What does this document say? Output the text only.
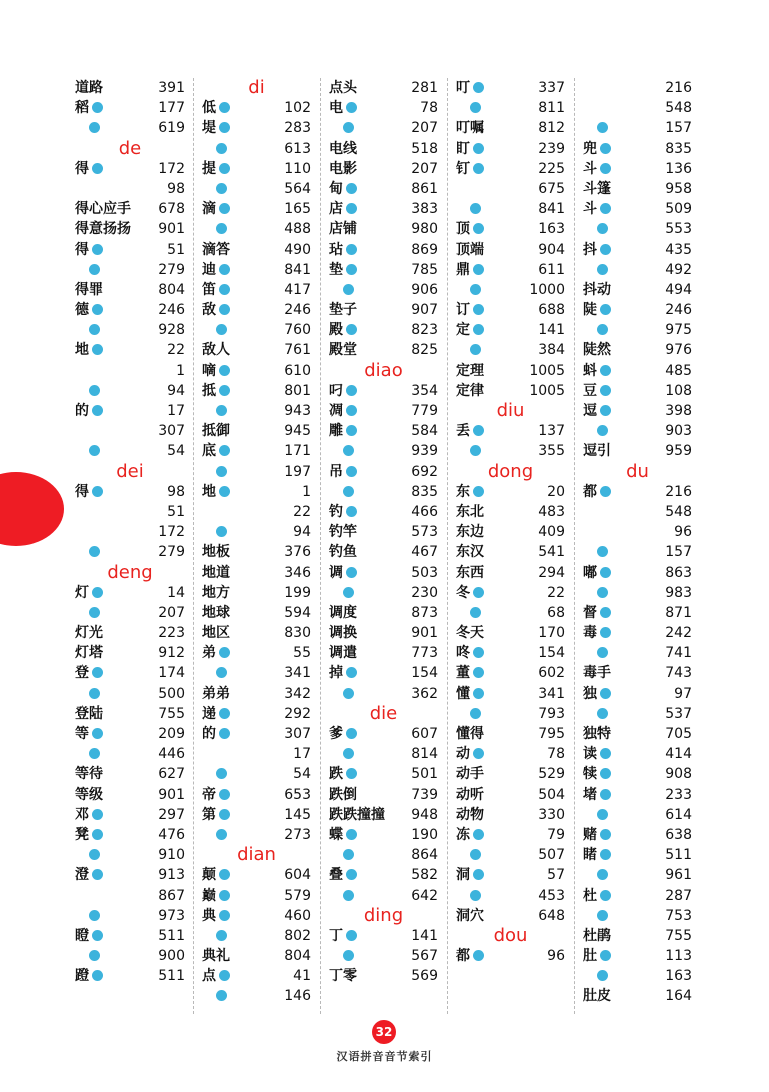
道路	391
稻	177
619
de
得	172
98
得心应手 678
得意扬扬 901
得	51
279
得罪	804
德	246
928
地	22
1
94
的	17
307
54
dei
得	98
51
172
279
deng
灯	14
207
灯光	223
灯塔	912
登	174
500
登陆	755
等	209
446
等待	627
等级	901
邓	297
凳	476
910
澄	913
867
973
瞪	511
900
蹬	511
di
低	102
堤	283
613
提	110
564
滴	165
488
滴答	490
迪	841
笛	417
敌	246
760
敌人	761
嘀	610
抵	801
943
抵御	945
底	171
197
地	1
22
94
地板	376
地道	346
地方	199
地球	594
地区	830
弟	55
341
弟弟	342
递	292
的	307
17
54
帝	653
第	145
273
dian
颠	604
巅	579
典	460
802
典礼	804
点	41
146
点头	281
电	78
207
电线	518
电影	207
甸	861
店	383
店铺	980
玷	869
垫	785
906
垫子	907
殿	823
殿堂	825
diao
叼	354
凋	779
雕	584
939
吊	692
835
钓	466
钓竿	573
钓鱼	467
调	503
230
调度	873
调换	901
调遣	773
掉	154
362
die
爹	607
814
跌	501
跌倒	739
跌跌撞撞 948
蝶	190
864
叠	582
642
ding
丁	141
567
丁零	569
叮	337
811
叮嘱	812
盯	239
钉	225
675
841
顶	163
顶端	904
鼎	611
1000
订	688
定	141
384
定理	1005
定律	1005
diu
丢	137
355
dong
东	20
东北	483
东边	409
东汉	541
东西	294
冬	22
68
冬天	170
咚	154
董	602
懂	341
793
懂得	795
动	78
动手	529
动听	504
动物	330
冻	79
507
洞	57
453
洞穴	648
dou
都	96
216
548
157
兜	835
斗	136
斗篷	958
斗	509
553
抖	435
492
抖动	494
陡	246
975
陡然	976
蚪	485
豆	108
逗	398
903
逗引	959
du
都	216
548
96
157
嘟	863
983
督	871
毒	242
741
毒手	743
独	97
537
独特	705
读	414
犊	908
堵	233
614
赌	638
睹	511
961
杜	287
753
杜鹃	755
肚	113
163
肚皮	164
32
汉语拼音音节索引
